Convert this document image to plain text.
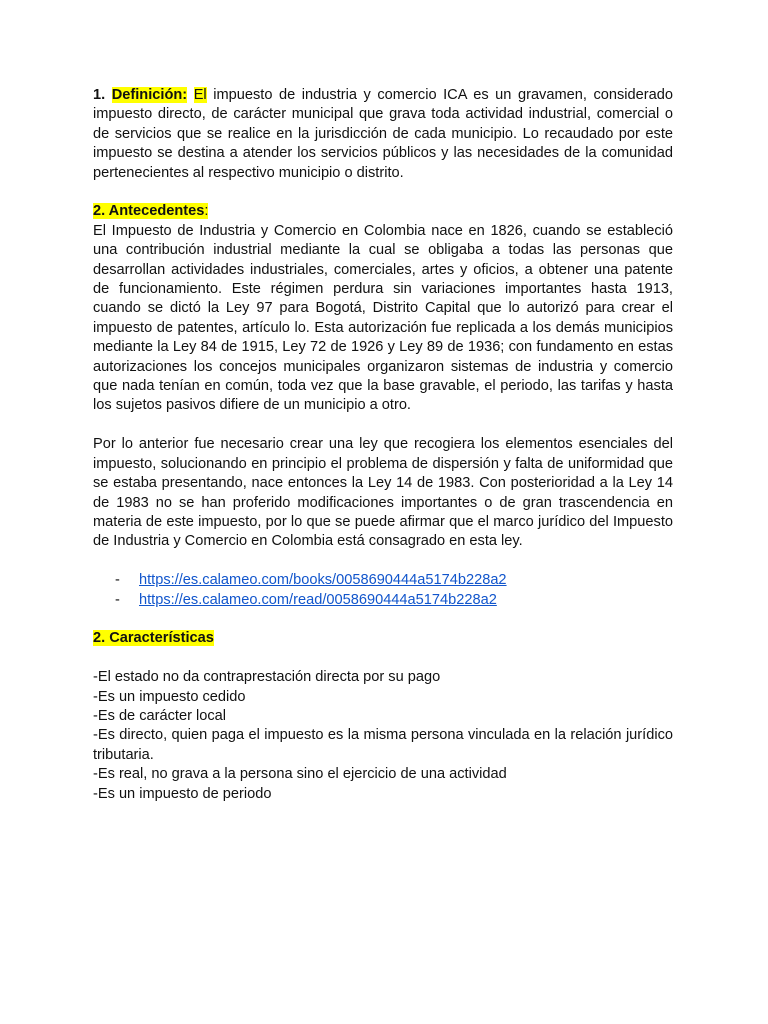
1. Definición: El impuesto de industria y comercio ICA es un gravamen, considerado impuesto directo, de carácter municipal que grava toda actividad industrial, comercial o de servicios que se realice en la jurisdicción de cada municipio. Lo recaudado por este impuesto se destina a atender los servicios públicos y las necesidades de la comunidad pertenecientes al respectivo municipio o distrito.

2. Antecedentes:

El Impuesto de Industria y Comercio en Colombia nace en 1826, cuando se estableció una contribución industrial mediante la cual se obligaba a todas las personas que desarrollan actividades industriales, comerciales, artes y oficios, a obtener una patente de funcionamiento. Este régimen perdura sin variaciones importantes hasta 1913, cuando se dictó la Ley 97 para Bogotá, Distrito Capital que lo autorizó para crear el impuesto de patentes, artículo lo. Esta autorización fue replicada a los demás municipios mediante la Ley 84 de 1915, Ley 72 de 1926 y Ley 89 de 1936; con fundamento en estas autorizaciones los concejos municipales organizaron sistemas de industria y comercio que nada tenían en común, toda vez que la base gravable, el periodo, las tarifas y hasta los sujetos pasivos difiere de un municipio a otro.

Por lo anterior fue necesario crear una ley que recogiera los elementos esenciales del impuesto, solucionando en principio el problema de dispersión y falta de uniformidad que se estaba presentando, nace entonces la Ley 14 de 1983. Con posterioridad a la Ley 14 de 1983 no se han proferido modificaciones importantes o de gran trascendencia en materia de este impuesto, por lo que se puede afirmar que el marco jurídico del Impuesto de Industria y Comercio en Colombia está consagrado en esta ley.

- https://es.calameo.com/books/0058690444a5174b228a2
- https://es.calameo.com/read/0058690444a5174b228a2

2. Características

-El estado no da contraprestación directa por su pago

-Es un impuesto cedido

-Es de carácter local

-Es directo, quien paga el impuesto es la misma persona vinculada en la relación jurídico tributaria.

-Es real, no grava a la persona sino el ejercicio de una actividad

-Es un impuesto de periodo
